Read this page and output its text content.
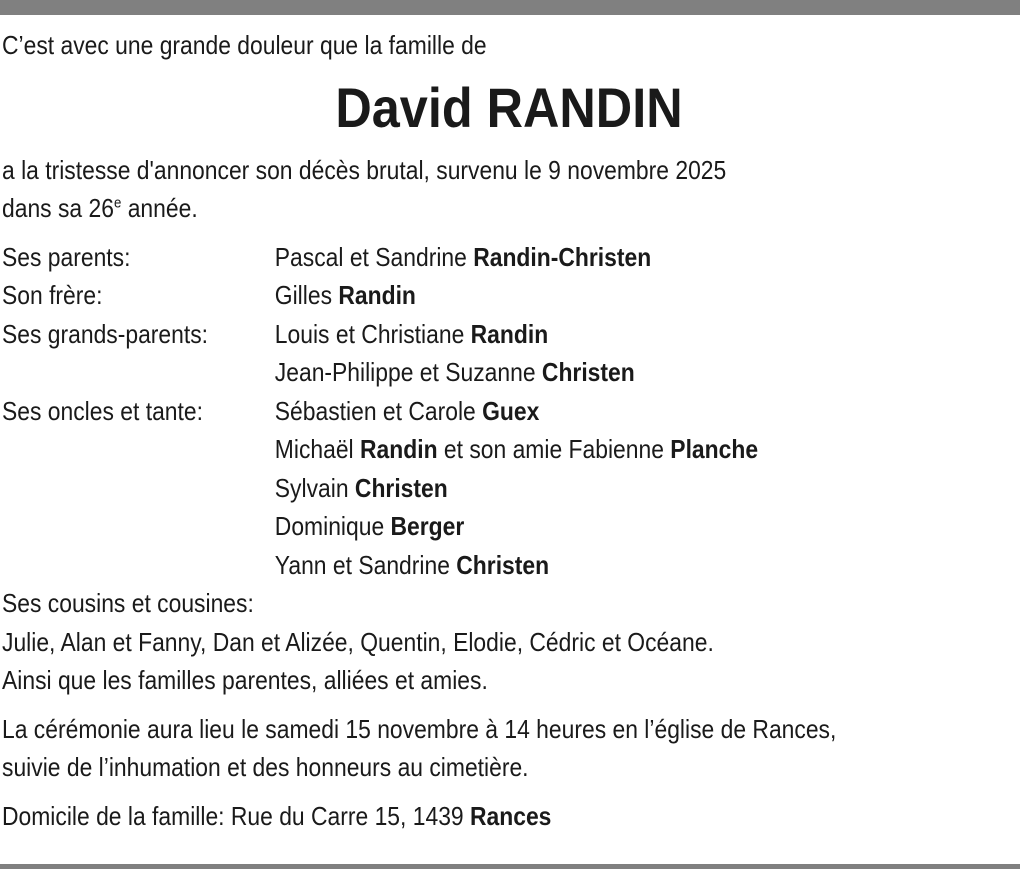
C’est avec une grande douleur que la famille de
David RANDIN
a la tristesse d'annoncer son décès brutal, survenu le 9 novembre 2025
dans sa 26e année.
Ses parents:	Pascal et Sandrine Randin-Christen
Son frère:	Gilles Randin
Ses grands-parents:	Louis et Christiane Randin
Jean-Philippe et Suzanne Christen
Ses oncles et tante:	Sébastien et Carole Guex
Michaël Randin et son amie Fabienne Planche
Sylvain Christen
Dominique Berger
Yann et Sandrine Christen
Ses cousins et cousines:
Julie, Alan et Fanny, Dan et Alizée, Quentin, Elodie, Cédric et Océane.
Ainsi que les familles parentes, alliées et amies.
La cérémonie aura lieu le samedi 15 novembre à 14 heures en l’église de Rances,
suivie de l’inhumation et des honneurs au cimetière.
Domicile de la famille: Rue du Carre 15, 1439 Rances
